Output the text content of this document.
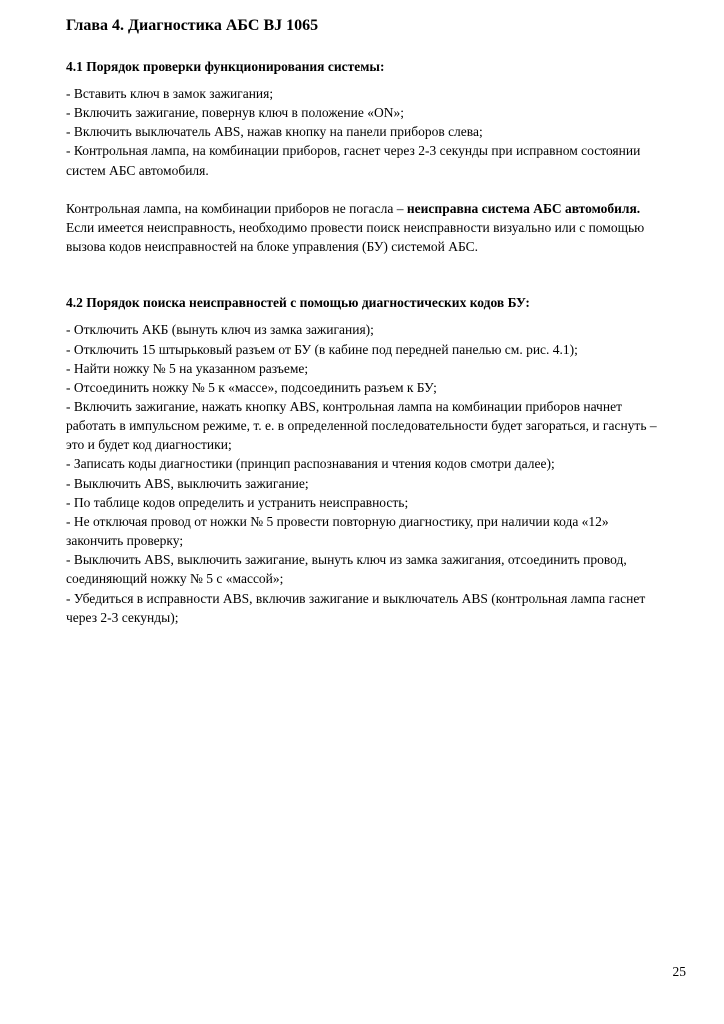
Глава 4. Диагностика АБС BJ 1065
4.1 Порядок проверки функционирования системы:

- Вставить ключ в замок зажигания;

- Включить зажигание, повернув ключ в положение «ON»;

- Включить выключатель ABS, нажав кнопку на панели приборов слева;

- Контрольная лампа, на комбинации приборов, гаснет через 2-3 секунды при исправном состоянии систем АБС автомобиля.

Контрольная лампа, на комбинации приборов не погасла – неисправна система АБС автомобиля.

Если имеется неисправность, необходимо провести поиск неисправности визуально или с помощью вызова кодов неисправностей на блоке управления (БУ) системой АБС.

4.2 Порядок поиска неисправностей с помощью диагностических кодов БУ:

- Отключить АКБ (вынуть ключ из замка зажигания);

- Отключить 15 штырьковый разъем от БУ (в кабине под передней панелью см. рис. 4.1);

- Найти ножку № 5 на указанном разъеме;

- Отсоединить ножку № 5 к «массе», подсоединить разъем к БУ;

- Включить зажигание, нажать кнопку ABS, контрольная лампа на комбинации приборов начнет работать в импульсном режиме, т. е. в определенной последовательности будет загораться, и гаснуть – это и будет код диагностики;

- Записать коды диагностики (принцип распознавания и чтения кодов смотри далее);

- Выключить ABS, выключить зажигание;

- По таблице кодов определить и устранить неисправность;

- Не отключая провод от ножки № 5 провести повторную диагностику, при наличии кода «12» закончить проверку;

- Выключить ABS, выключить зажигание, вынуть ключ из замка зажигания, отсоединить провод, соединяющий ножку № 5 с «массой»;

- Убедиться в исправности ABS, включив зажигание и выключатель ABS (контрольная лампа гаснет через 2-3 секунды);

25
